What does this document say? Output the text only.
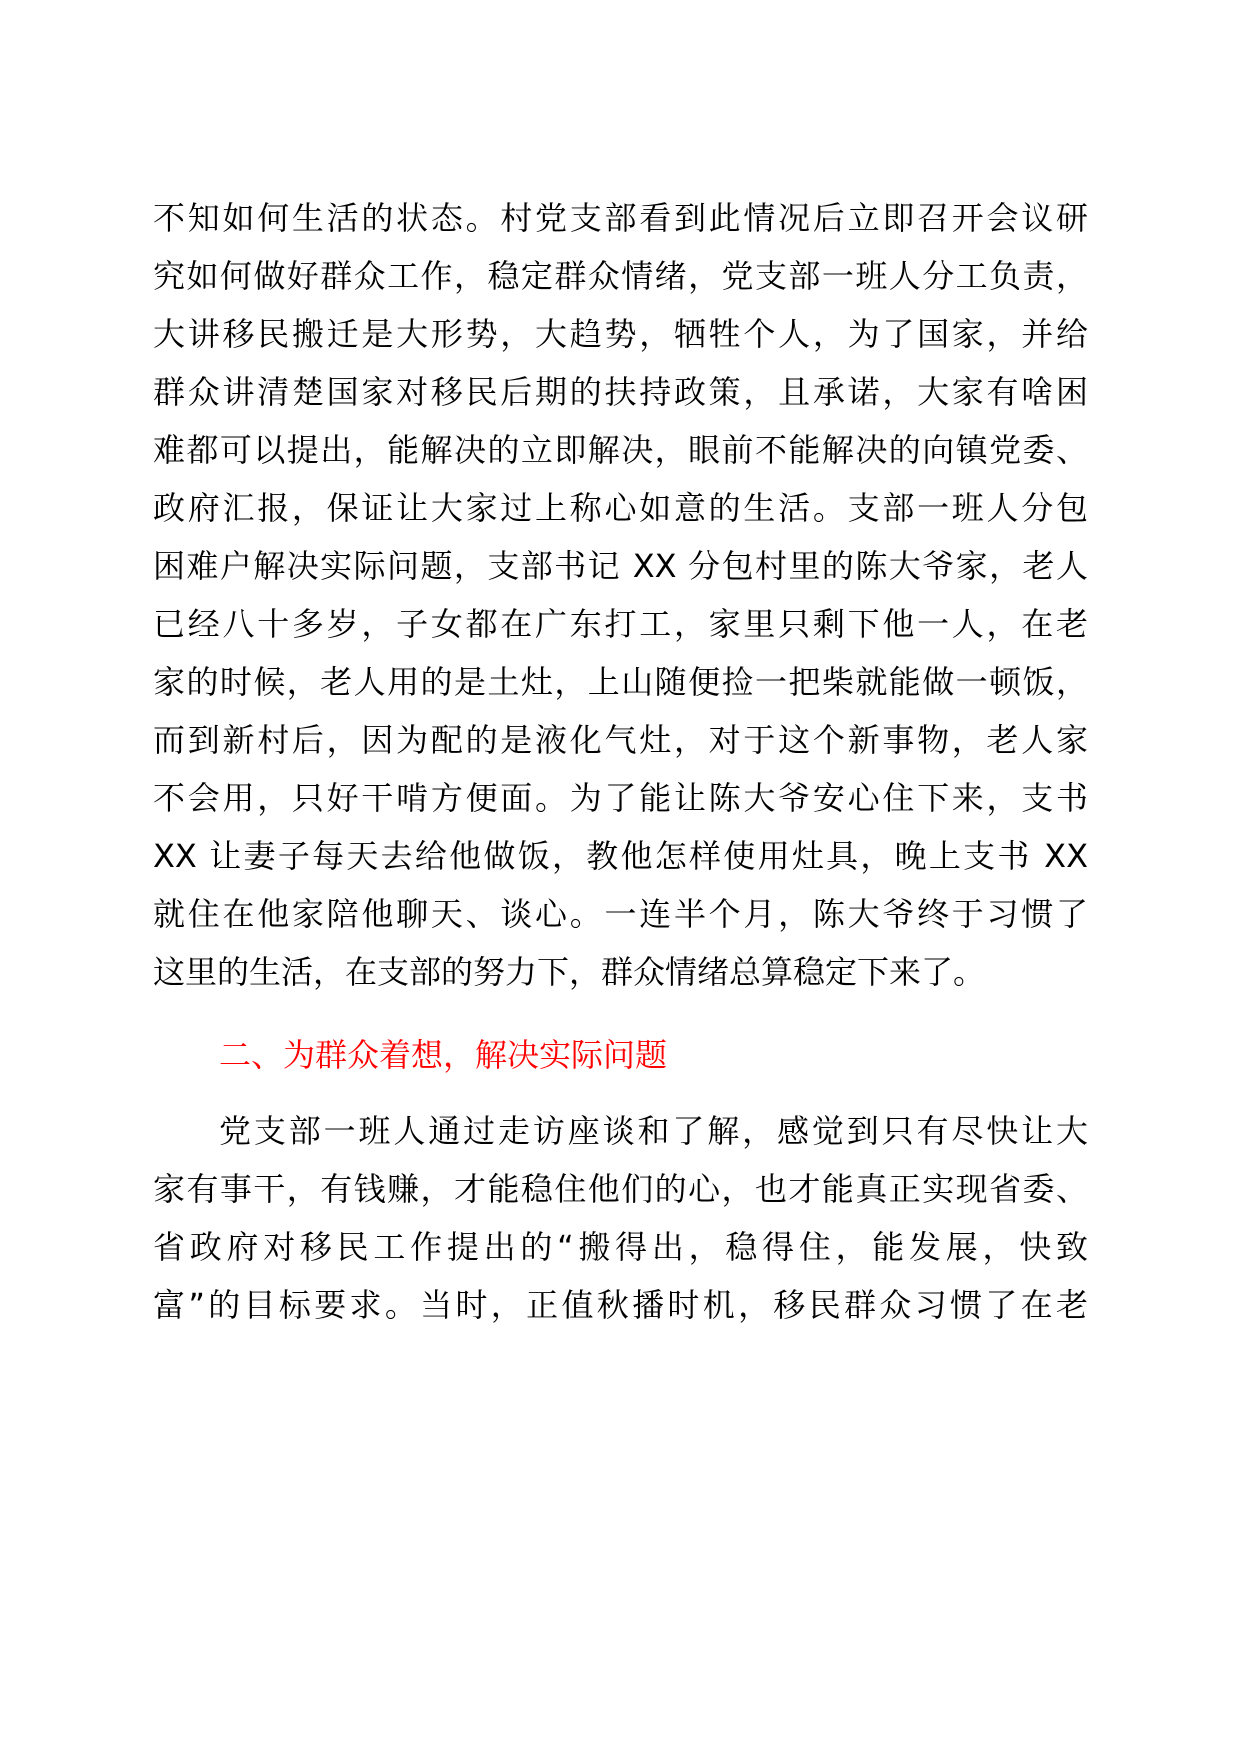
不知如何生活的状态。村党支部看到此情况后立即召开会议研
究如何做好群众工作，稳定群众情绪，党支部一班人分工负责，
大讲移民搬迁是大形势，大趋势，牺牲个人，为了国家，并给
群众讲清楚国家对移民后期的扶持政策，且承诺，大家有啥困
难都可以提出，能解决的立即解决，眼前不能解决的向镇党委、
政府汇报，保证让大家过上称心如意的生活。支部一班人分包
困难户解决实际问题，支部书记 XX 分包村里的陈大爷家，老人
已经八十多岁，子女都在广东打工，家里只剩下他一人，在老
家的时候，老人用的是土灶，上山随便捡一把柴就能做一顿饭，
而到新村后，因为配的是液化气灶，对于这个新事物，老人家
不会用，只好干啃方便面。为了能让陈大爷安心住下来，支书
XX 让妻子每天去给他做饭，教他怎样使用灶具，晚上支书 XX
就住在他家陪他聊天、谈心。一连半个月，陈大爷终于习惯了
这里的生活，在支部的努力下，群众情绪总算稳定下来了。
二、为群众着想，解决实际问题
党支部一班人通过走访座谈和了解，感觉到只有尽快让大
家有事干，有钱赚，才能稳住他们的心，也才能真正实现省委、
省政府对移民工作提出的“搬得出，稳得住，能发展，快致
富”的目标要求。当时，正值秋播时机，移民群众习惯了在老
